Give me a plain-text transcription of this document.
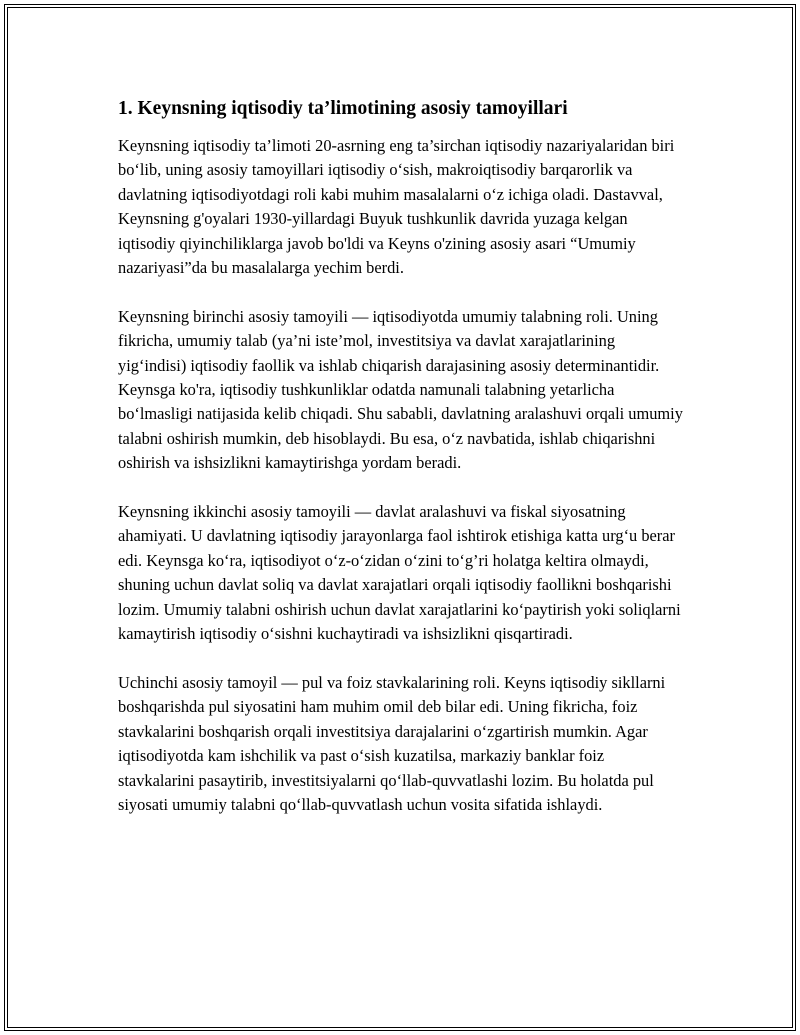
1. Keynsning iqtisodiy ta’limotining asosiy tamoyillari

Keynsning iqtisodiy ta’limoti 20-asrning eng ta’sirchan iqtisodiy nazariyalaridan biri bo‘lib, uning asosiy tamoyillari iqtisodiy o‘sish, makroiqtisodiy barqarorlik va davlatning iqtisodiyotdagi roli kabi muhim masalalarni o‘z ichiga oladi. Dastavval, Keynsning g'oyalari 1930-yillardagi Buyuk tushkunlik davrida yuzaga kelgan iqtisodiy qiyinchiliklarga javob bo'ldi va Keyns o'zining asosiy asari “Umumiy nazariyasi”da bu masalalarga yechim berdi.

Keynsning birinchi asosiy tamoyili — iqtisodiyotda umumiy talabning roli. Uning fikricha, umumiy talab (ya’ni iste’mol, investitsiya va davlat xarajatlarining yig‘indisi) iqtisodiy faollik va ishlab chiqarish darajasining asosiy determinantidir. Keynsga ko'ra, iqtisodiy tushkunliklar odatda namunali talabning yetarlicha bo‘lmasligi natijasida kelib chiqadi. Shu sababli, davlatning aralashuvi orqali umumiy talabni oshirish mumkin, deb hisoblaydi. Bu esa, o‘z navbatida, ishlab chiqarishni oshirish va ishsizlikni kamaytirishga yordam beradi.

Keynsning ikkinchi asosiy tamoyili — davlat aralashuvi va fiskal siyosatning ahamiyati. U davlatning iqtisodiy jarayonlarga faol ishtirok etishiga katta urg‘u berar edi. Keynsga ko‘ra, iqtisodiyot o‘z-o‘zidan o‘zini to‘g’ri holatga keltira olmaydi, shuning uchun davlat soliq va davlat xarajatlari orqali iqtisodiy faollikni boshqarishi lozim. Umumiy talabni oshirish uchun davlat xarajatlarini ko‘paytirish yoki soliqlarni kamaytirish iqtisodiy o‘sishni kuchaytiradi va ishsizlikni qisqartiradi.

Uchinchi asosiy tamoyil — pul va foiz stavkalarining roli. Keyns iqtisodiy sikllarni boshqarishda pul siyosatini ham muhim omil deb bilar edi. Uning fikricha, foiz stavkalarini boshqarish orqali investitsiya darajalarini o‘zgartirish mumkin. Agar iqtisodiyotda kam ishchilik va past o‘sish kuzatilsa, markaziy banklar foiz stavkalarini pasaytirib, investitsiyalarni qo‘llab-quvvatlashi lozim. Bu holatda pul siyosati umumiy talabni qo‘llab-quvvatlash uchun vosita sifatida ishlaydi.
